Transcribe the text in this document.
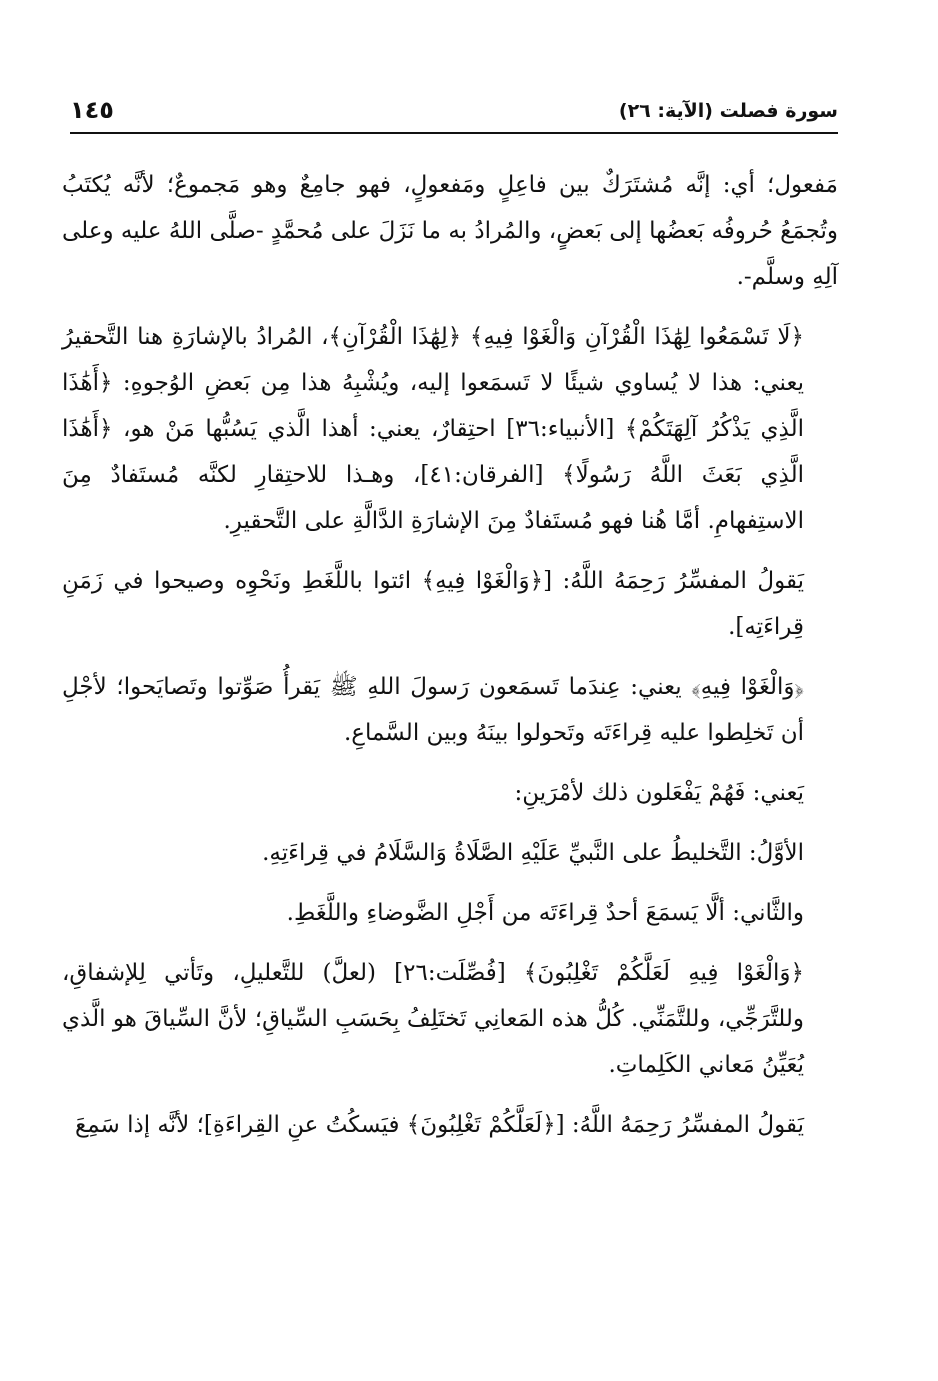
سورة فصلت (الآية: ٢٦)
١٤٥

مَفعول؛ أي: إنَّه مُشتَرَكٌ بين فاعِلٍ ومَفعولٍ، فهو جامِعٌ وهو مَجموعٌ؛ لأنَّه يُكتَبُ وتُجمَعُ حُروفُه بَعضُها إلى بَعضٍ، والمُرادُ به ما نَزَلَ على مُحمَّدٍ -صلَّى اللهُ عليه وعلى آلِهِ وسلَّم-.

﴿لَا تَسْمَعُوا لِهَٰذَا الْقُرْآنِ وَالْغَوْا فِيهِ﴾ ﴿لِهَٰذَا الْقُرْآنِ﴾، المُرادُ بالإشارَةِ هنا التَّحقيرُ يعني: هذا لا يُساوي شيئًا لا تَسمَعوا إليه، ويُشْبِهُ هذا مِن بَعضِ الوُجوهِ: ﴿أَهَٰذَا الَّذِي يَذْكُرُ آلِهَتَكُمْ﴾ [الأنبياء:٣٦] احتِقارٌ، يعني: أهذا الَّذي يَسُبُّها مَنْ هو، ﴿أَهَٰذَا الَّذِي بَعَثَ اللَّهُ رَسُولًا﴾ [الفرقان:٤١]، وهـذا للاحتِقارِ لكنَّه مُستَفادٌ مِنَ الاستِفهامِ. أمَّا هُنا فهو مُستَفادٌ مِنَ الإشارَةِ الدَّالَّةِ على التَّحقيرِ.

يَقولُ المفسِّرُ رَحِمَهُ اللَّهُ: [﴿وَالْغَوْا فِيهِ﴾ ائتوا باللَّغَطِ ونَحْوِه وصيحوا في زَمَنِ قِراءَتِه].

﴿وَالْغَوْا فِيهِ﴾ يعني: عِندَما تَسمَعون رَسولَ اللهِ ﷺ يَقرأُ صَوِّتوا وتَصايَحوا؛ لأجْلِ أن تَخلِطوا عليه قِراءَتَه وتَحولوا بينَهُ وبين السَّماعِ.

يَعني: فَهُمْ يَفْعَلون ذلك لأمْرَينِ:

الأوَّلُ: التَّخليطُ على النَّبيِّ عَلَيْهِ الصَّلَاةُ وَالسَّلَامُ في قِراءَتِهِ.

والثَّاني: ألَّا يَسمَعَ أحدٌ قِراءَتَه من أَجْلِ الضَّوضاءِ واللَّغَطِ.

﴿وَالْغَوْا فِيهِ لَعَلَّكُمْ تَغْلِبُونَ﴾ [فُصِّلَت:٢٦] (لعلَّ) للتَّعليلِ، وتَأتي لِلإشفاقِ، وللتَّرَجِّي، وللتَّمَنِّي. كُلُّ هذه المَعانِي تَختَلِفُ بِحَسَبِ السِّياقِ؛ لأنَّ السِّياقَ هو الَّذي يُعَيِّنُ مَعاني الكَلِماتِ.

يَقولُ المفسِّرُ رَحِمَهُ اللَّهُ: [﴿لَعَلَّكُمْ تَغْلِبُونَ﴾ فيَسكُتُ عنِ القِراءَةِ]؛ لأنَّه إذا سَمِعَ
